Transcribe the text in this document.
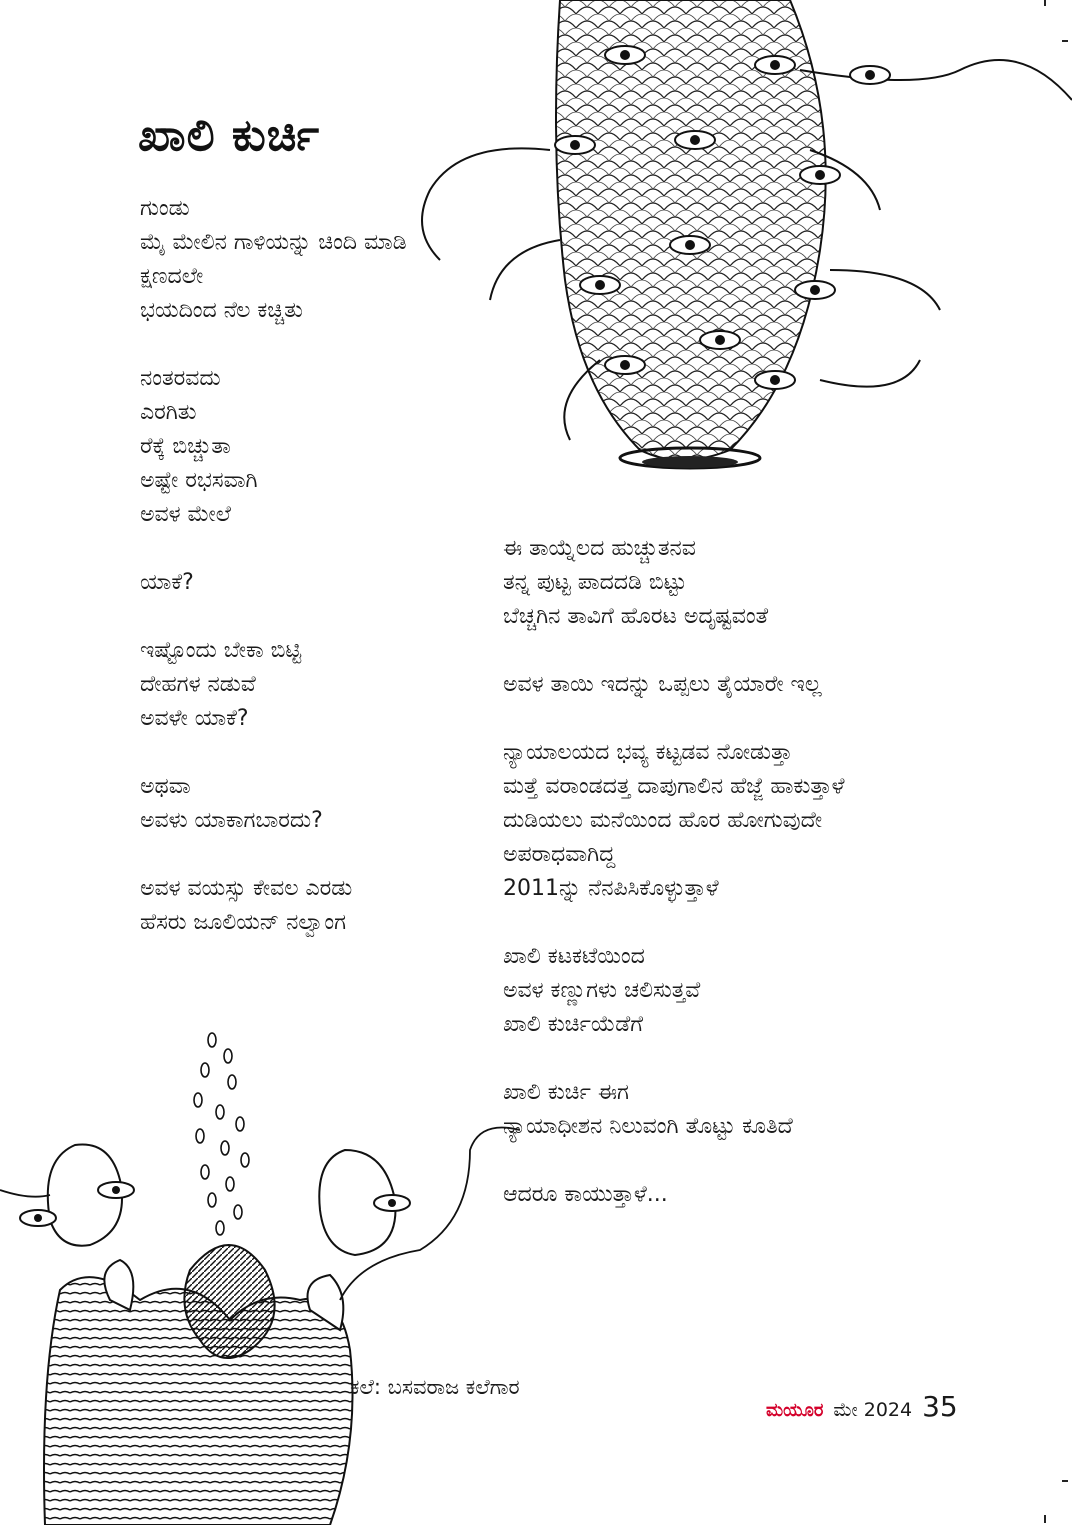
ಖಾಲಿ ಕುರ್ಚಿ
ಗುಂಡು
ಮೈ ಮೇಲಿನ ಗಾಳಿಯನ್ನು ಚಿಂದಿ ಮಾಡಿ
ಕ್ಷಣದಲೇ
ಭಯದಿಂದ ನೆಲ ಕಚ್ಚಿತು
ನಂತರವದು
ಎರಗಿತು
ರೆಕ್ಕೆ ಬಿಚ್ಚುತಾ
ಅಷ್ಟೇ ರಭಸವಾಗಿ
ಅವಳ ಮೇಲೆ
ಯಾಕೆ?
ಇಷ್ಟೊಂದು ಬೇಕಾ ಬಿಟ್ಟಿ
ದೇಹಗಳ ನಡುವೆ
ಅವಳೇ ಯಾಕೆ?
ಅಥವಾ
ಅವಳು ಯಾಕಾಗಬಾರದು?
ಅವಳ ವಯಸ್ಸು ಕೇವಲ ಎರಡು
ಹೆಸರು ಜೂಲಿಯನ್ ನಲ್ವಾಂಗ
ಈ ತಾಯ್ನೆಲದ ಹುಚ್ಚುತನವ
ತನ್ನ ಪುಟ್ಟ ಪಾದದಡಿ ಬಿಟ್ಟು
ಬೆಚ್ಚಗಿನ ತಾವಿಗೆ ಹೊರಟ ಅದೃಷ್ಟವಂತೆ
ಅವಳ ತಾಯಿ ಇದನ್ನು ಒಪ್ಪಲು ತೈಯಾರೇ ಇಲ್ಲ
ನ್ಯಾಯಾಲಯದ ಭವ್ಯ ಕಟ್ಟಡವ ನೋಡುತ್ತಾ
ಮತ್ತೆ ವರಾಂಡದತ್ತ ದಾಪುಗಾಲಿನ ಹೆಜ್ಜೆ ಹಾಕುತ್ತಾಳೆ
ದುಡಿಯಲು ಮನೆಯಿಂದ ಹೊರ ಹೋಗುವುದೇ
ಅಪರಾಧವಾಗಿದ್ದ
2011ನ್ನು ನೆನಪಿಸಿಕೊಳ್ಳುತ್ತಾಳೆ
ಖಾಲಿ ಕಟಕಟೆಯಿಂದ
ಅವಳ ಕಣ್ಣುಗಳು ಚಲಿಸುತ್ತವೆ
ಖಾಲಿ ಕುರ್ಚಿಯೆಡೆಗೆ
ಖಾಲಿ ಕುರ್ಚಿ ಈಗ
ನ್ಯಾಯಾಧೀಶನ ನಿಲುವಂಗಿ ತೊಟ್ಟು ಕೂತಿದೆ
ಆದರೂ ಕಾಯುತ್ತಾಳೆ...
ಕಲೆ: ಬಸವರಾಜ ಕಲೆಗಾರ
ಮಯೂರ ಮೇ 2024 35
